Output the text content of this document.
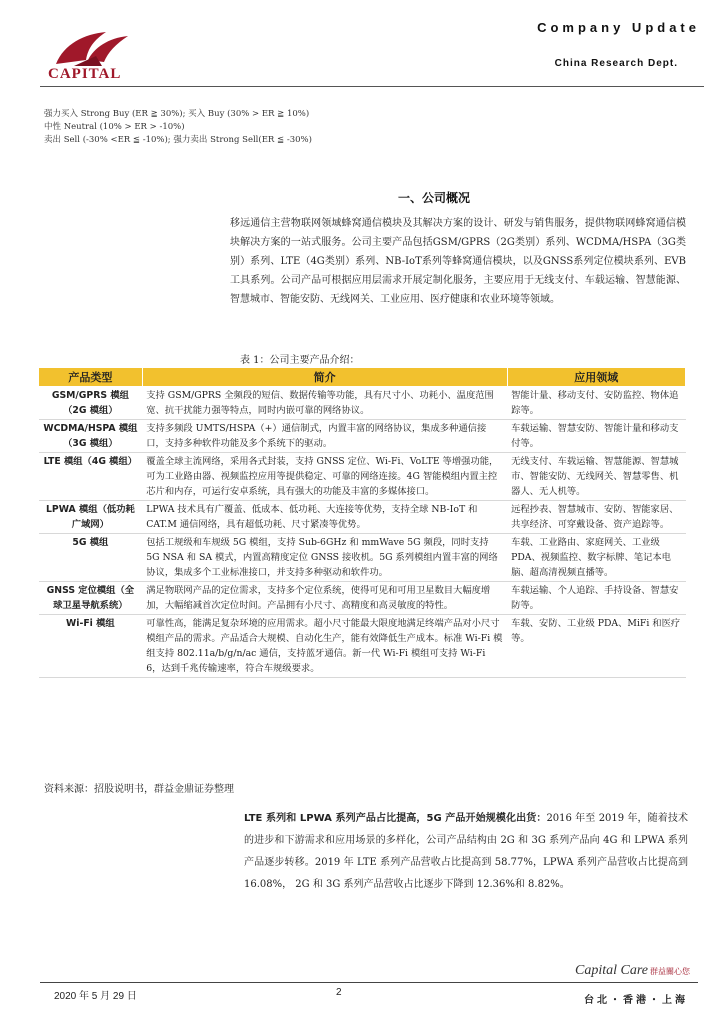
CAPITAL
Company Update
China Research Dept.
强力买入 Strong Buy (ER ≧ 30%); 买入 Buy (30% > ER ≧ 10%)
中性 Neutral (10% > ER > -10%)
卖出 Sell (-30% <ER ≦ -10%); 强力卖出 Strong Sell(ER ≦ -30%)
一、公司概况
移远通信主营物联网领域蜂窝通信模块及其解决方案的设计、研发与销售服务，提供物联网蜂窝通信模块解决方案的一站式服务。公司主要产品包括GSM/GPRS（2G类别）系列、WCDMA/HSPA（3G类别）系列、LTE（4G类别）系列、NB-IoT系列等蜂窝通信模块，以及GNSS系列定位模块系列、EVB工具系列。公司产品可根据应用层需求开展定制化服务，主要应用于无线支付、车载运输、智慧能源、智慧城市、智能安防、无线网关、工业应用、医疗健康和农业环境等领域。
表 1：公司主要产品介绍：
产品类型	简介	应用领域
GSM/GPRS 模组（2G 模组）	支持 GSM/GPRS 全频段的短信、数据传输等功能，具有尺寸小、功耗小、温度范围宽、抗干扰能力强等特点，同时内嵌可靠的网络协议。	智能计量、移动支付、安防监控、物体追踪等。
WCDMA/HSPA 模组（3G 模组）	支持多频段 UMTS/HSPA（+）通信制式，内置丰富的网络协议，集成多种通信接口，支持多种软件功能及多个系统下的驱动。	车载运输、智慧安防、智能计量和移动支付等。
LTE 模组（4G 模组）	覆盖全球主流网络，采用各式封装，支持 GNSS 定位、Wi-Fi、VoLTE 等增强功能，可为工业路由器、视频监控应用等提供稳定、可靠的网络连接。4G 智能模组内置主控芯片和内存，可运行安卓系统，具有强大的功能及丰富的多媒体接口。	无线支付、车载运输、智慧能源、智慧城市、智能安防、无线网关、智慧零售、机器人、无人机等。
LPWA 模组（低功耗广域网）	LPWA 技术具有广覆盖、低成本、低功耗、大连接等优势，支持全球 NB-IoT 和 CAT.M 通信网络，具有超低功耗、尺寸紧凑等优势。	远程抄表、智慧城市、安防、智能家居、共享经济、可穿戴设备、资产追踪等。
5G 模组	包括工规级和车规级 5G 模组，支持 Sub-6GHz 和 mmWave 5G 频段，同时支持 5G NSA 和 SA 模式，内置高精度定位 GNSS 接收机。5G 系列模组内置丰富的网络协议，集成多个工业标准接口，并支持多种驱动和软件功。	车载、工业路由、家庭网关、工业级 PDA、视频监控、数字标牌、笔记本电脑、超高清视频直播等。
GNSS 定位模组（全球卫星导航系统）	满足物联网产品的定位需求，支持多个定位系统，使得可见和可用卫星数目大幅度增加，大幅缩减首次定位时间。产品拥有小尺寸、高精度和高灵敏度的特性。	车载运输、个人追踪、手持设备、智慧安防等。
Wi-Fi 模组	可靠性高，能满足复杂环境的应用需求。超小尺寸能最大限度地满足终端产品对小尺寸模组产品的需求。产品适合大规模、自动化生产，能有效降低生产成本。标准 Wi-Fi 模组支持 802.11a/b/g/n/ac 通信，支持蓝牙通信。新一代 Wi-Fi 模组可支持 Wi-Fi 6，达到千兆传输速率，符合车规级要求。	车载、安防、工业级 PDA、MiFi 和医疗等。
资料来源：招股说明书，群益金鼎证券整理
LTE 系列和 LPWA 系列产品占比提高，5G 产品开始规模化出货：2016 年至 2019 年，随着技术的进步和下游需求和应用场景的多样化，公司产品结构由 2G 和 3G 系列产品向 4G 和 LPWA 系列产品逐步转移。2019 年 LTE 系列产品营收占比提高到 58.77%，LPWA 系列产品营收占比提高到 16.08%， 2G 和 3G 系列产品营收占比逐步下降到 12.36%和 8.82%。
Capital Care 群益關心您
2020 年 5 月 29 日	2
台北・香港・上海
